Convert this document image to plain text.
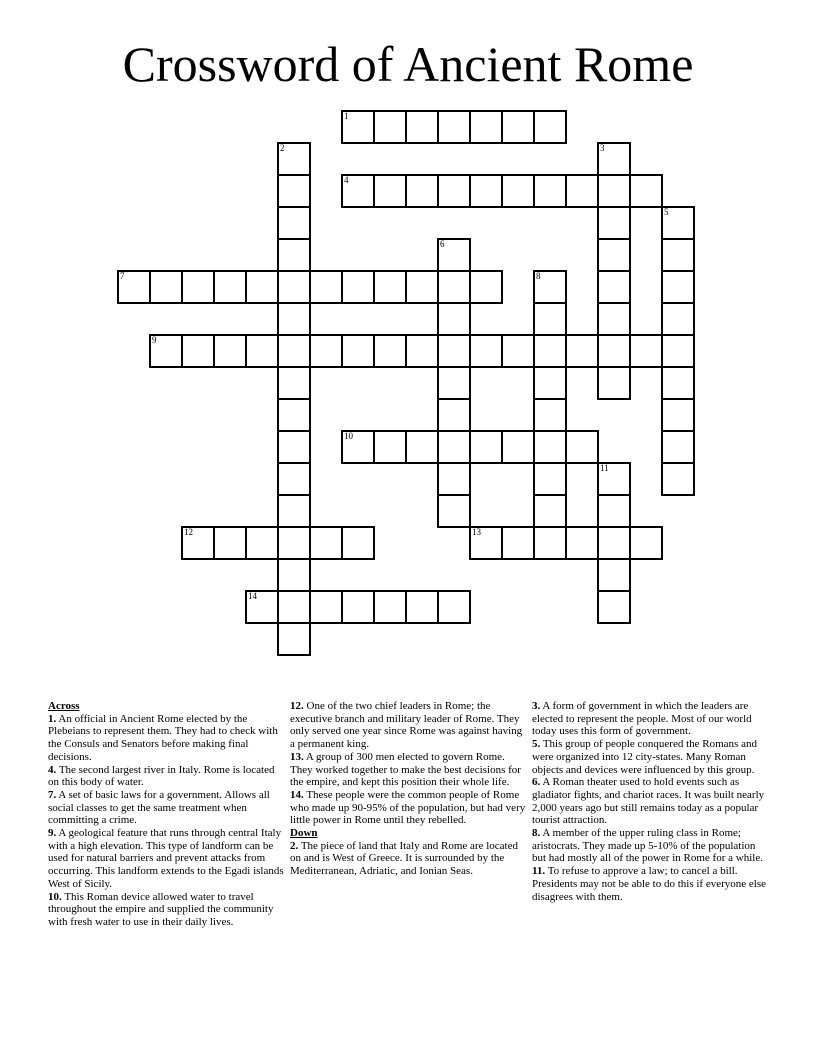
Crossword of Ancient Rome
1
4
7
9
10
12	13
14
2	3
5
6
8
11
Across

1. An official in Ancient Rome elected by the Plebeians to represent them. They had to check with the Consuls and Senators before making final decisions.

4. The second largest river in Italy. Rome is located on this body of water.

7. A set of basic laws for a government. Allows all social classes to get the same treatment when committing a crime.

9. A geological feature that runs through central Italy with a high elevation. This type of landform can be used for natural barriers and prevent attacks from occurring. This landform extends to the Egadi islands West of Sicily.

10. This Roman device allowed water to travel throughout the empire and supplied the community with fresh water to use in their daily lives.

12. One of the two chief leaders in Rome; the executive branch and military leader of Rome. They only served one year since Rome was against having a permanent king.

13. A group of 300 men elected to govern Rome. They worked together to make the best decisions for the empire, and kept this position their whole life.

14. These people were the common people of Rome who made up 90-95% of the population, but had very little power in Rome until they rebelled.

Down

2. The piece of land that Italy and Rome are located on and is West of Greece. It is surrounded by the Mediterranean, Adriatic, and Ionian Seas.

3. A form of government in which the leaders are elected to represent the people. Most of our world today uses this form of government.

5. This group of people conquered the Romans and were organized into 12 city-states. Many Roman objects and devices were influenced by this group.

6. A Roman theater used to hold events such as gladiator fights, and chariot races. It was built nearly 2,000 years ago but still remains today as a popular tourist attraction.

8. A member of the upper ruling class in Rome; aristocrats. They made up 5-10% of the population but had mostly all of the power in Rome for a while.

11. To refuse to approve a law; to cancel a bill. Presidents may not be able to do this if everyone else disagrees with them.
